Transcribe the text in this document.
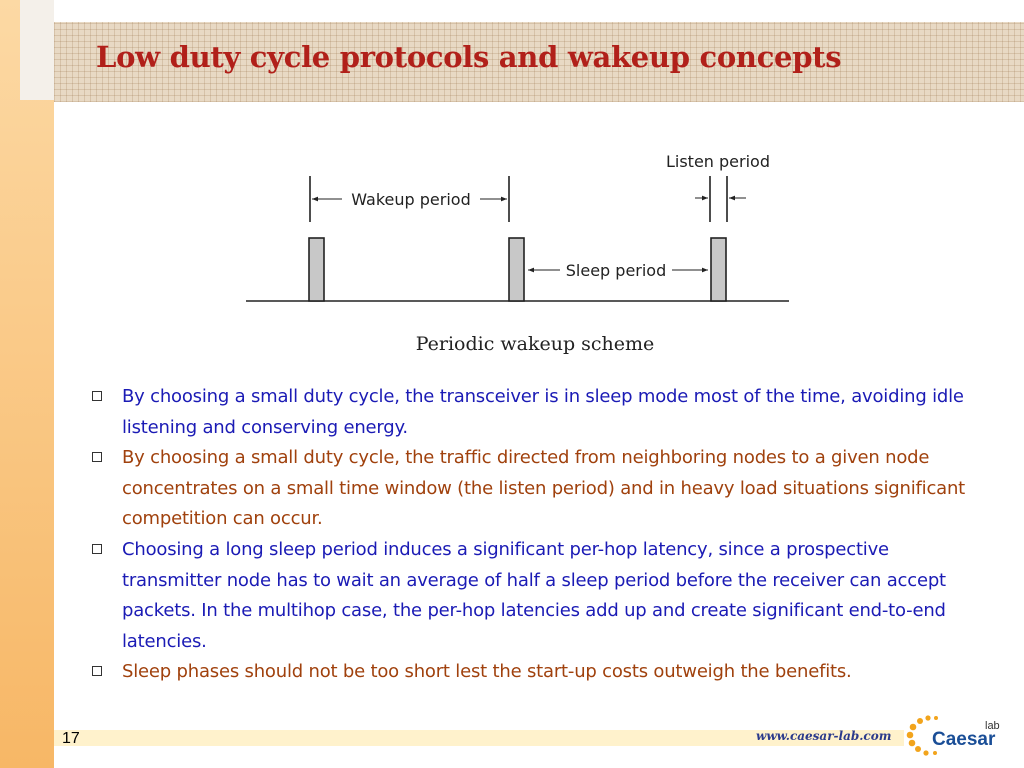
Low duty cycle protocols and wakeup concepts
Wakeup period
Sleep period
Listen period
Periodic wakeup scheme
By choosing a small duty cycle, the transceiver is in sleep mode most of the time, avoiding idle listening and conserving energy.
By choosing a small duty cycle, the traffic directed from neighboring nodes to a given node concentrates on a small time window (the listen period) and in heavy load situations significant competition can occur.
Choosing a long sleep period induces a significant per-hop latency, since a prospective transmitter node has to wait an average of half a sleep period before the receiver can accept packets. In the multihop case, the per-hop latencies add up and create significant end-to-end latencies.
Sleep phases should not be too short lest the start-up costs outweigh the benefits.
17	www.caesar-lab.com
lab
Caesar
